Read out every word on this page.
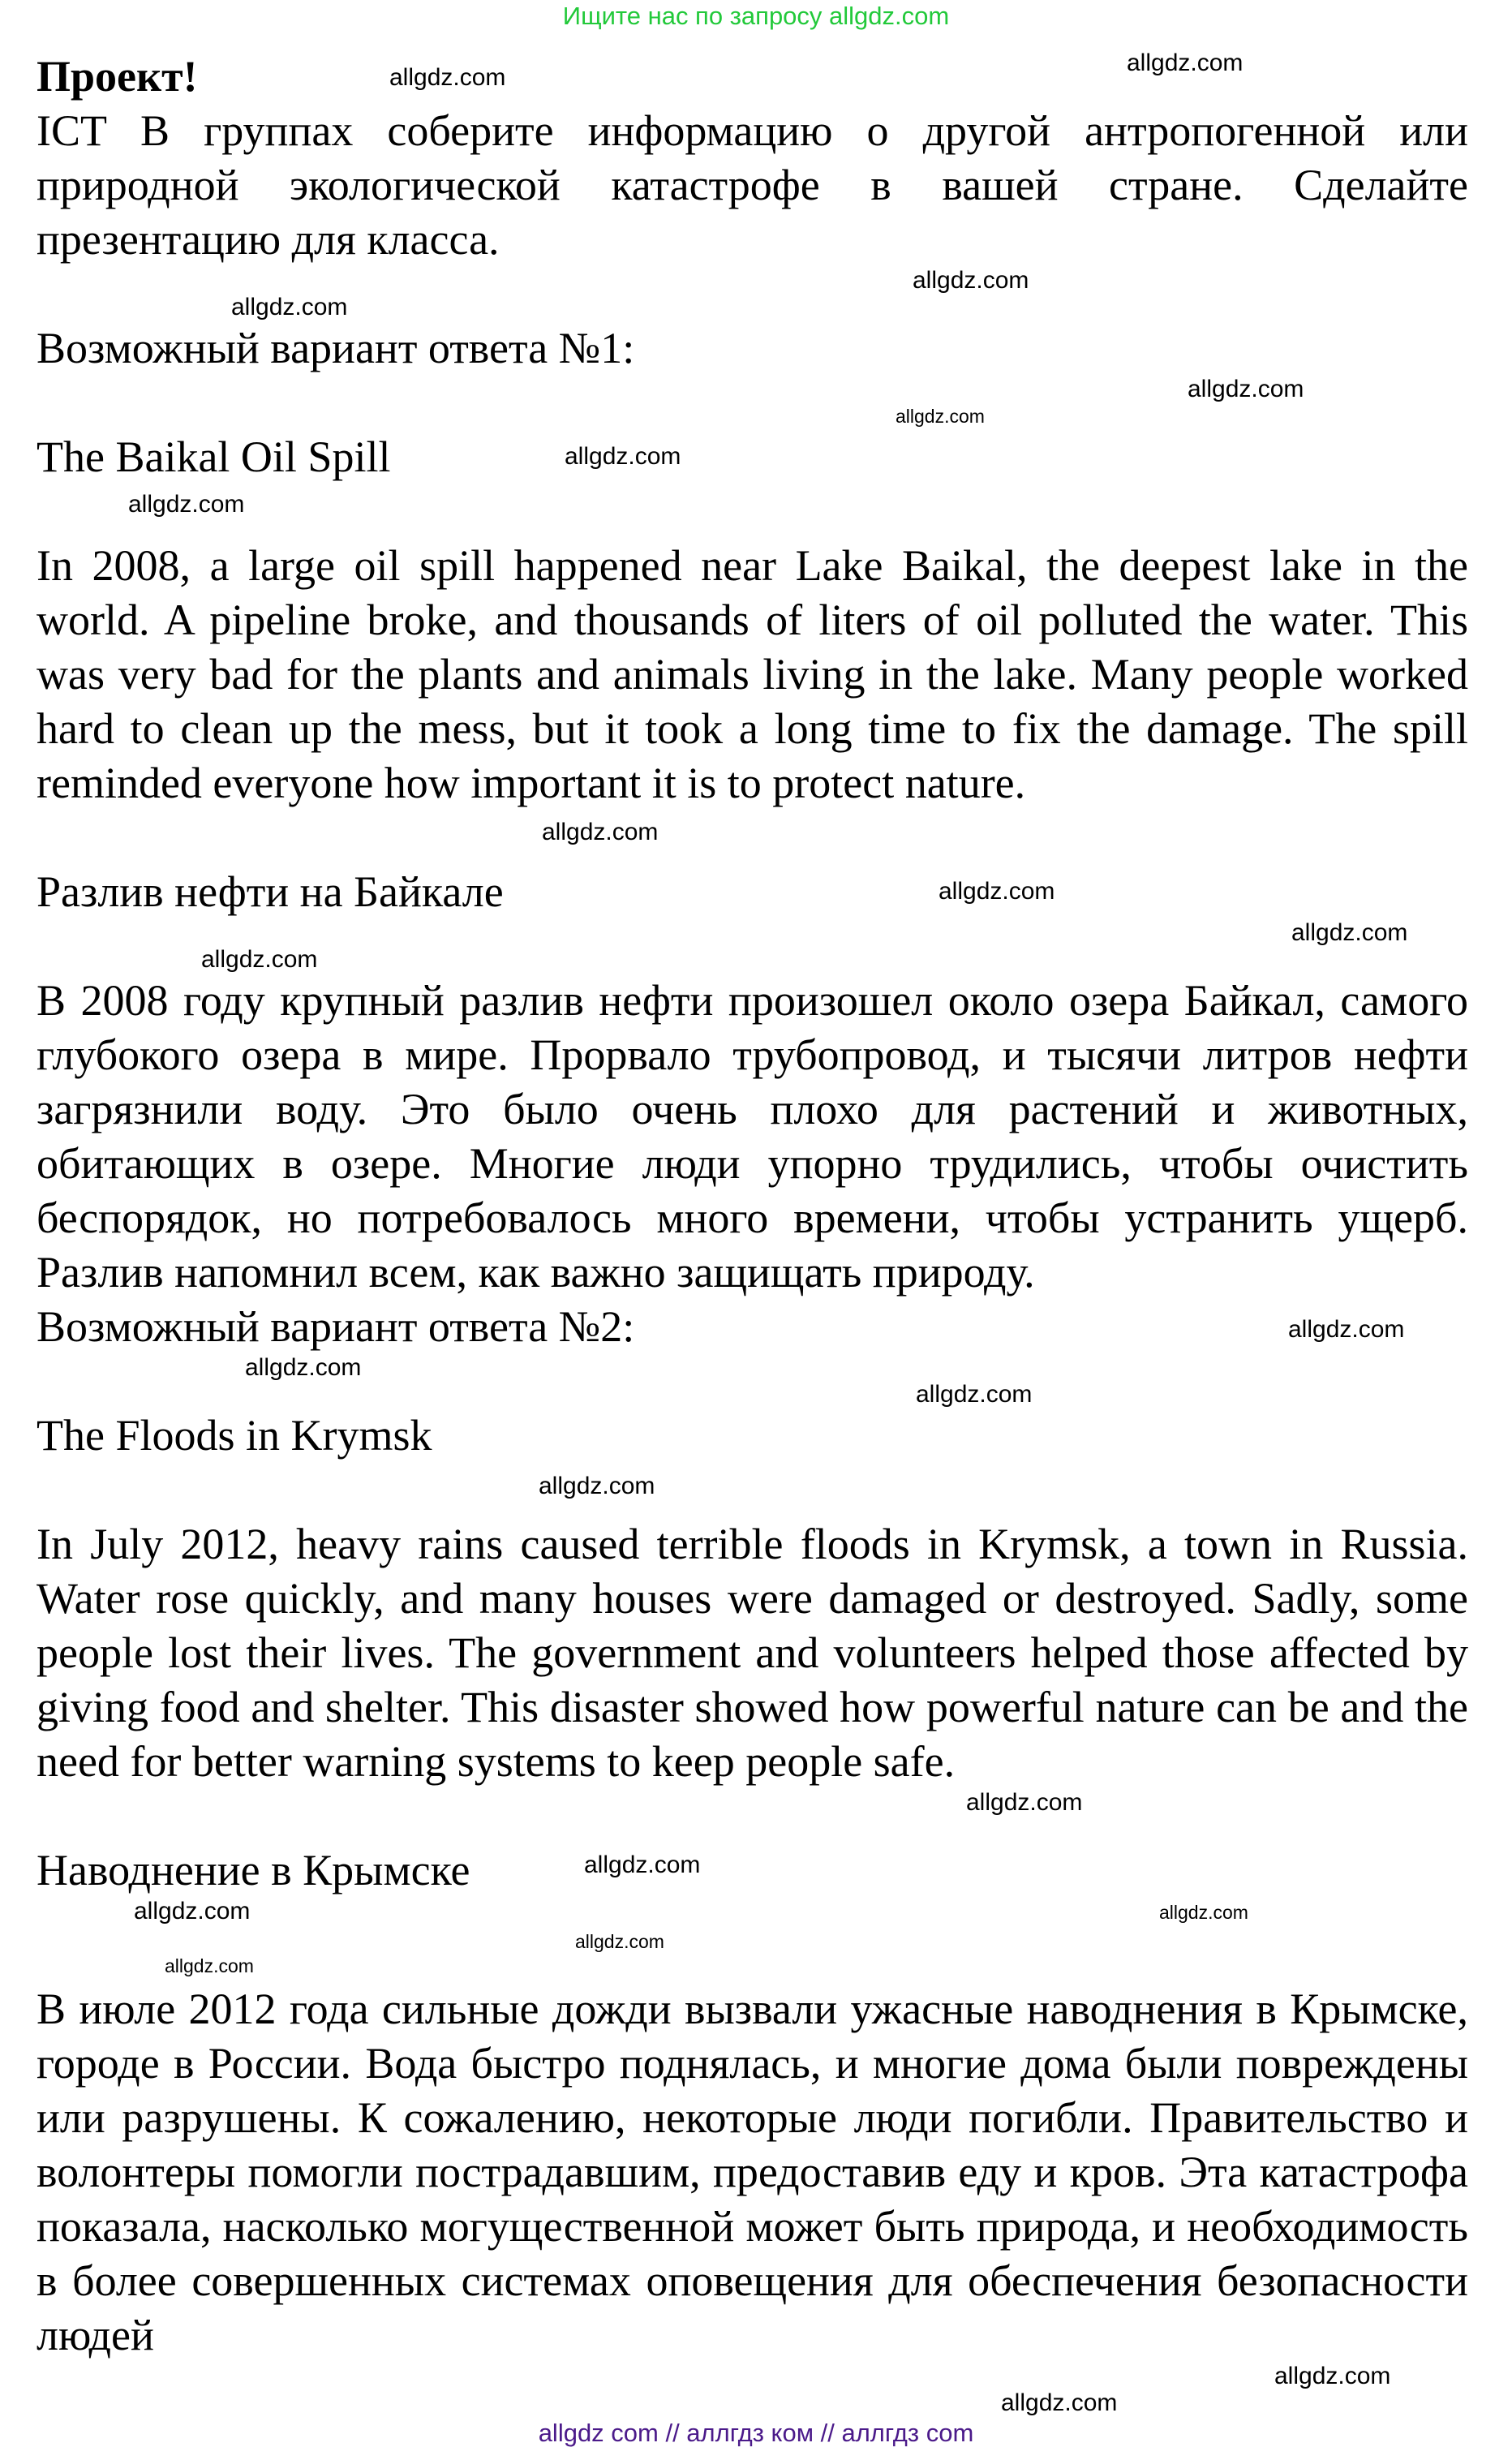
Ищите нас по запросу allgdz.com
Проект!	allgdz.com
allgdz.com

ICT В группах соберите информацию о другой антропогенной или природной экологической катастрофе в вашей стране. Сделайте презентацию для класса.

allgdz.com
allgdz.com
Возможный вариант ответа №1:
allgdz.com
allgdz.com
The Baikal Oil Spill	allgdz.com
allgdz.com

In 2008, a large oil spill happened near Lake Baikal, the deepest lake in the world. A pipeline broke, and thousands of liters of oil polluted the water. This was very bad for the plants and animals living in the lake. Many people worked hard to clean up the mess, but it took a long time to fix the damage. The spill reminded everyone how important it is to protect nature.

allgdz.com
Разлив нефти на Байкале	allgdz.com
allgdz.com
allgdz.com

В 2008 году крупный разлив нефти произошел около озера Байкал, самого глубокого озера в мире. Прорвало трубопровод, и тысячи литров нефти загрязнили воду. Это было очень плохо для растений и животных, обитающих в озере. Многие люди упорно трудились, чтобы очистить беспорядок, но потребовалось много времени, чтобы устранить ущерб. Разлив напомнил всем, как важно защищать природу.

Возможный вариант ответа №2:	allgdz.com
allgdz.com
allgdz.com
The Floods in Krymsk
allgdz.com

In July 2012, heavy rains caused terrible floods in Krymsk, a town in Russia. Water rose quickly, and many houses were damaged or destroyed. Sadly, some people lost their lives. The government and volunteers helped those affected by giving food and shelter. This disaster showed how powerful nature can be and the need for better warning systems to keep people safe.

allgdz.com
Наводнение в Крымске	allgdz.com
allgdz.com	allgdz.com
allgdz.com
allgdz.com

В июле 2012 года сильные дожди вызвали ужасные наводнения в Крымске, городе в России. Вода быстро поднялась, и многие дома были повреждены или разрушены. К сожалению, некоторые люди погибли. Правительство и волонтеры помогли пострадавшим, предоставив еду и кров. Эта катастрофа показала, насколько могущественной может быть природа, и необходимость в более совершенных системах оповещения для обеспечения безопасности людей

allgdz.com
allgdz.com
allgdz com // аллгдз ком // аллгдз com
